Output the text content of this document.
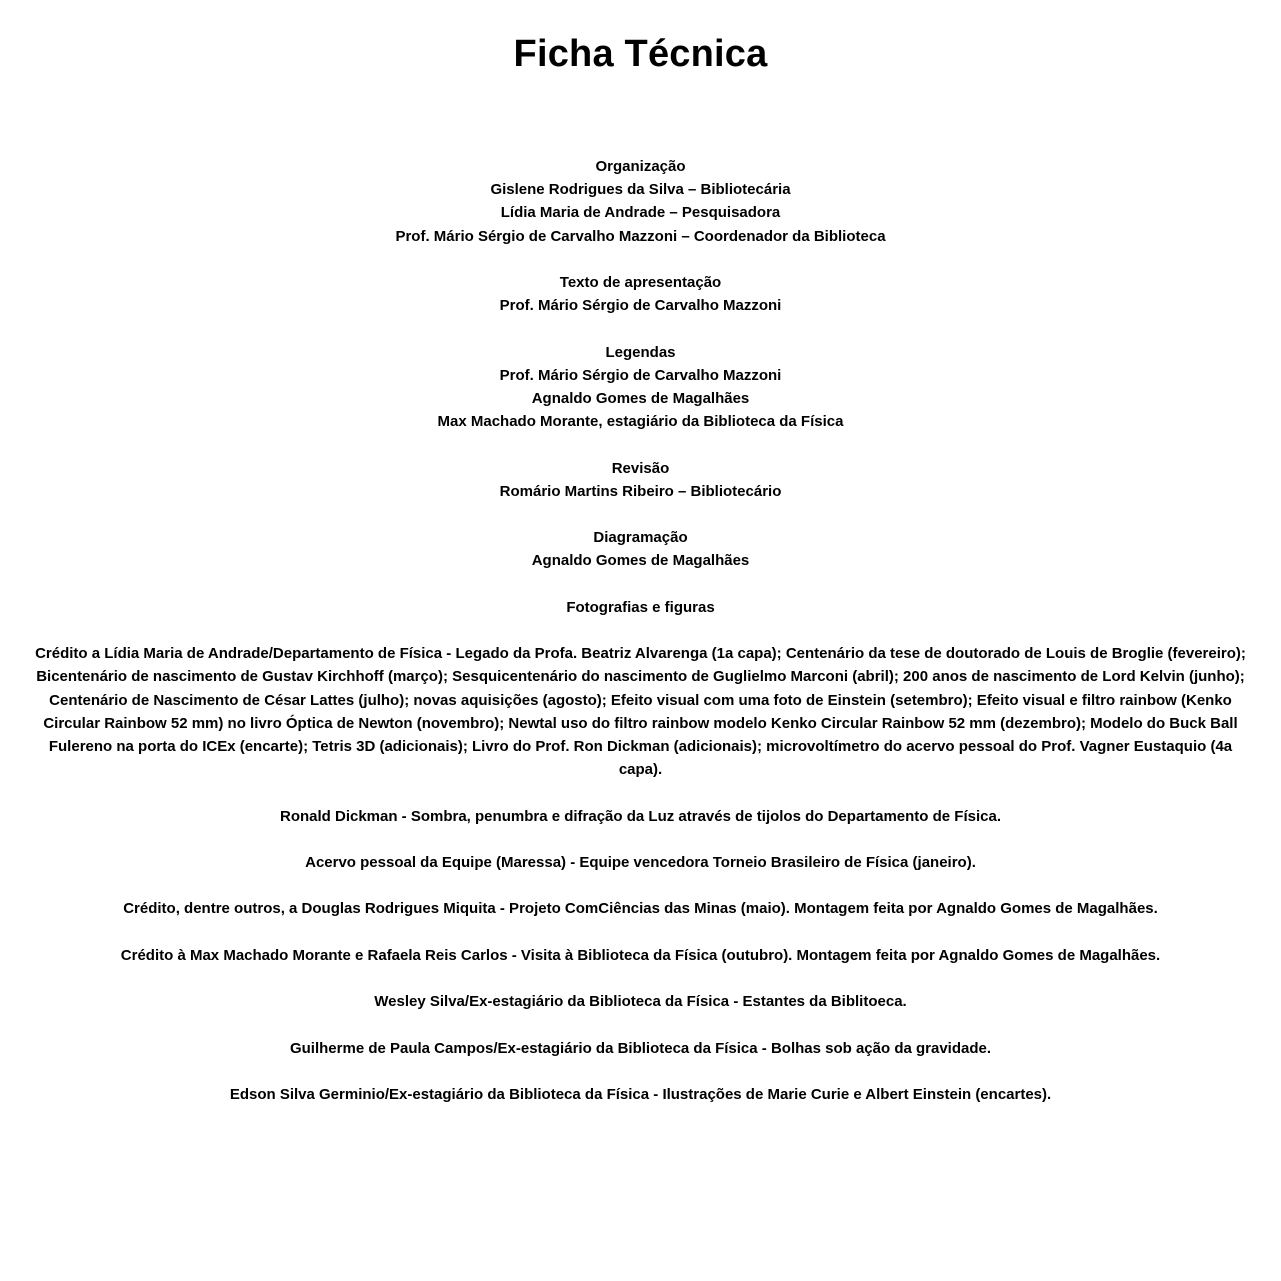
Ficha Técnica
Organização
Gislene Rodrigues da Silva – Bibliotecária
Lídia Maria de Andrade – Pesquisadora
Prof. Mário Sérgio de Carvalho Mazzoni – Coordenador da Biblioteca
Texto de apresentação
Prof. Mário Sérgio de Carvalho Mazzoni
Legendas
Prof. Mário Sérgio de Carvalho Mazzoni
Agnaldo Gomes de Magalhães
Max Machado Morante, estagiário da Biblioteca da Física
Revisão
Romário Martins Ribeiro – Bibliotecário
Diagramação
Agnaldo Gomes de Magalhães
Fotografias e figuras

Crédito a Lídia Maria de Andrade/Departamento de Física - Legado da Profa. Beatriz Alvarenga (1a capa); Centenário da tese de doutorado de Louis de Broglie (fevereiro); Bicentenário de nascimento de Gustav Kirchhoff (março); Sesquicentenário do nascimento de Guglielmo Marconi (abril); 200 anos de nascimento de Lord Kelvin (junho); Centenário de Nascimento de César Lattes (julho); novas aquisições (agosto); Efeito visual com uma foto de Einstein (setembro); Efeito visual e filtro rainbow (Kenko Circular Rainbow 52 mm) no livro Óptica de Newton (novembro); Newtal uso do filtro rainbow modelo Kenko Circular Rainbow 52 mm (dezembro); Modelo do Buck Ball Fulereno na porta do ICEx (encarte); Tetris 3D (adicionais); Livro do Prof. Ron Dickman (adicionais); microvoltímetro do acervo pessoal do Prof. Vagner Eustaquio (4a capa).

Ronald Dickman - Sombra, penumbra e difração da Luz através de tijolos do Departamento de Física.

Acervo pessoal da Equipe (Maressa) - Equipe vencedora Torneio Brasileiro de Física (janeiro).

Crédito, dentre outros, a Douglas Rodrigues Miquita - Projeto ComCiências das Minas (maio). Montagem feita por Agnaldo Gomes de Magalhães.

Crédito à Max Machado Morante e Rafaela Reis Carlos - Visita à Biblioteca da Física (outubro). Montagem feita por Agnaldo Gomes de Magalhães.

Wesley Silva/Ex-estagiário da Biblioteca da Física - Estantes da Biblitoeca.

Guilherme de Paula Campos/Ex-estagiário da Biblioteca da Física - Bolhas sob ação da gravidade.

Edson Silva Germinio/Ex-estagiário da Biblioteca da Física - Ilustrações de Marie Curie e Albert Einstein (encartes).
